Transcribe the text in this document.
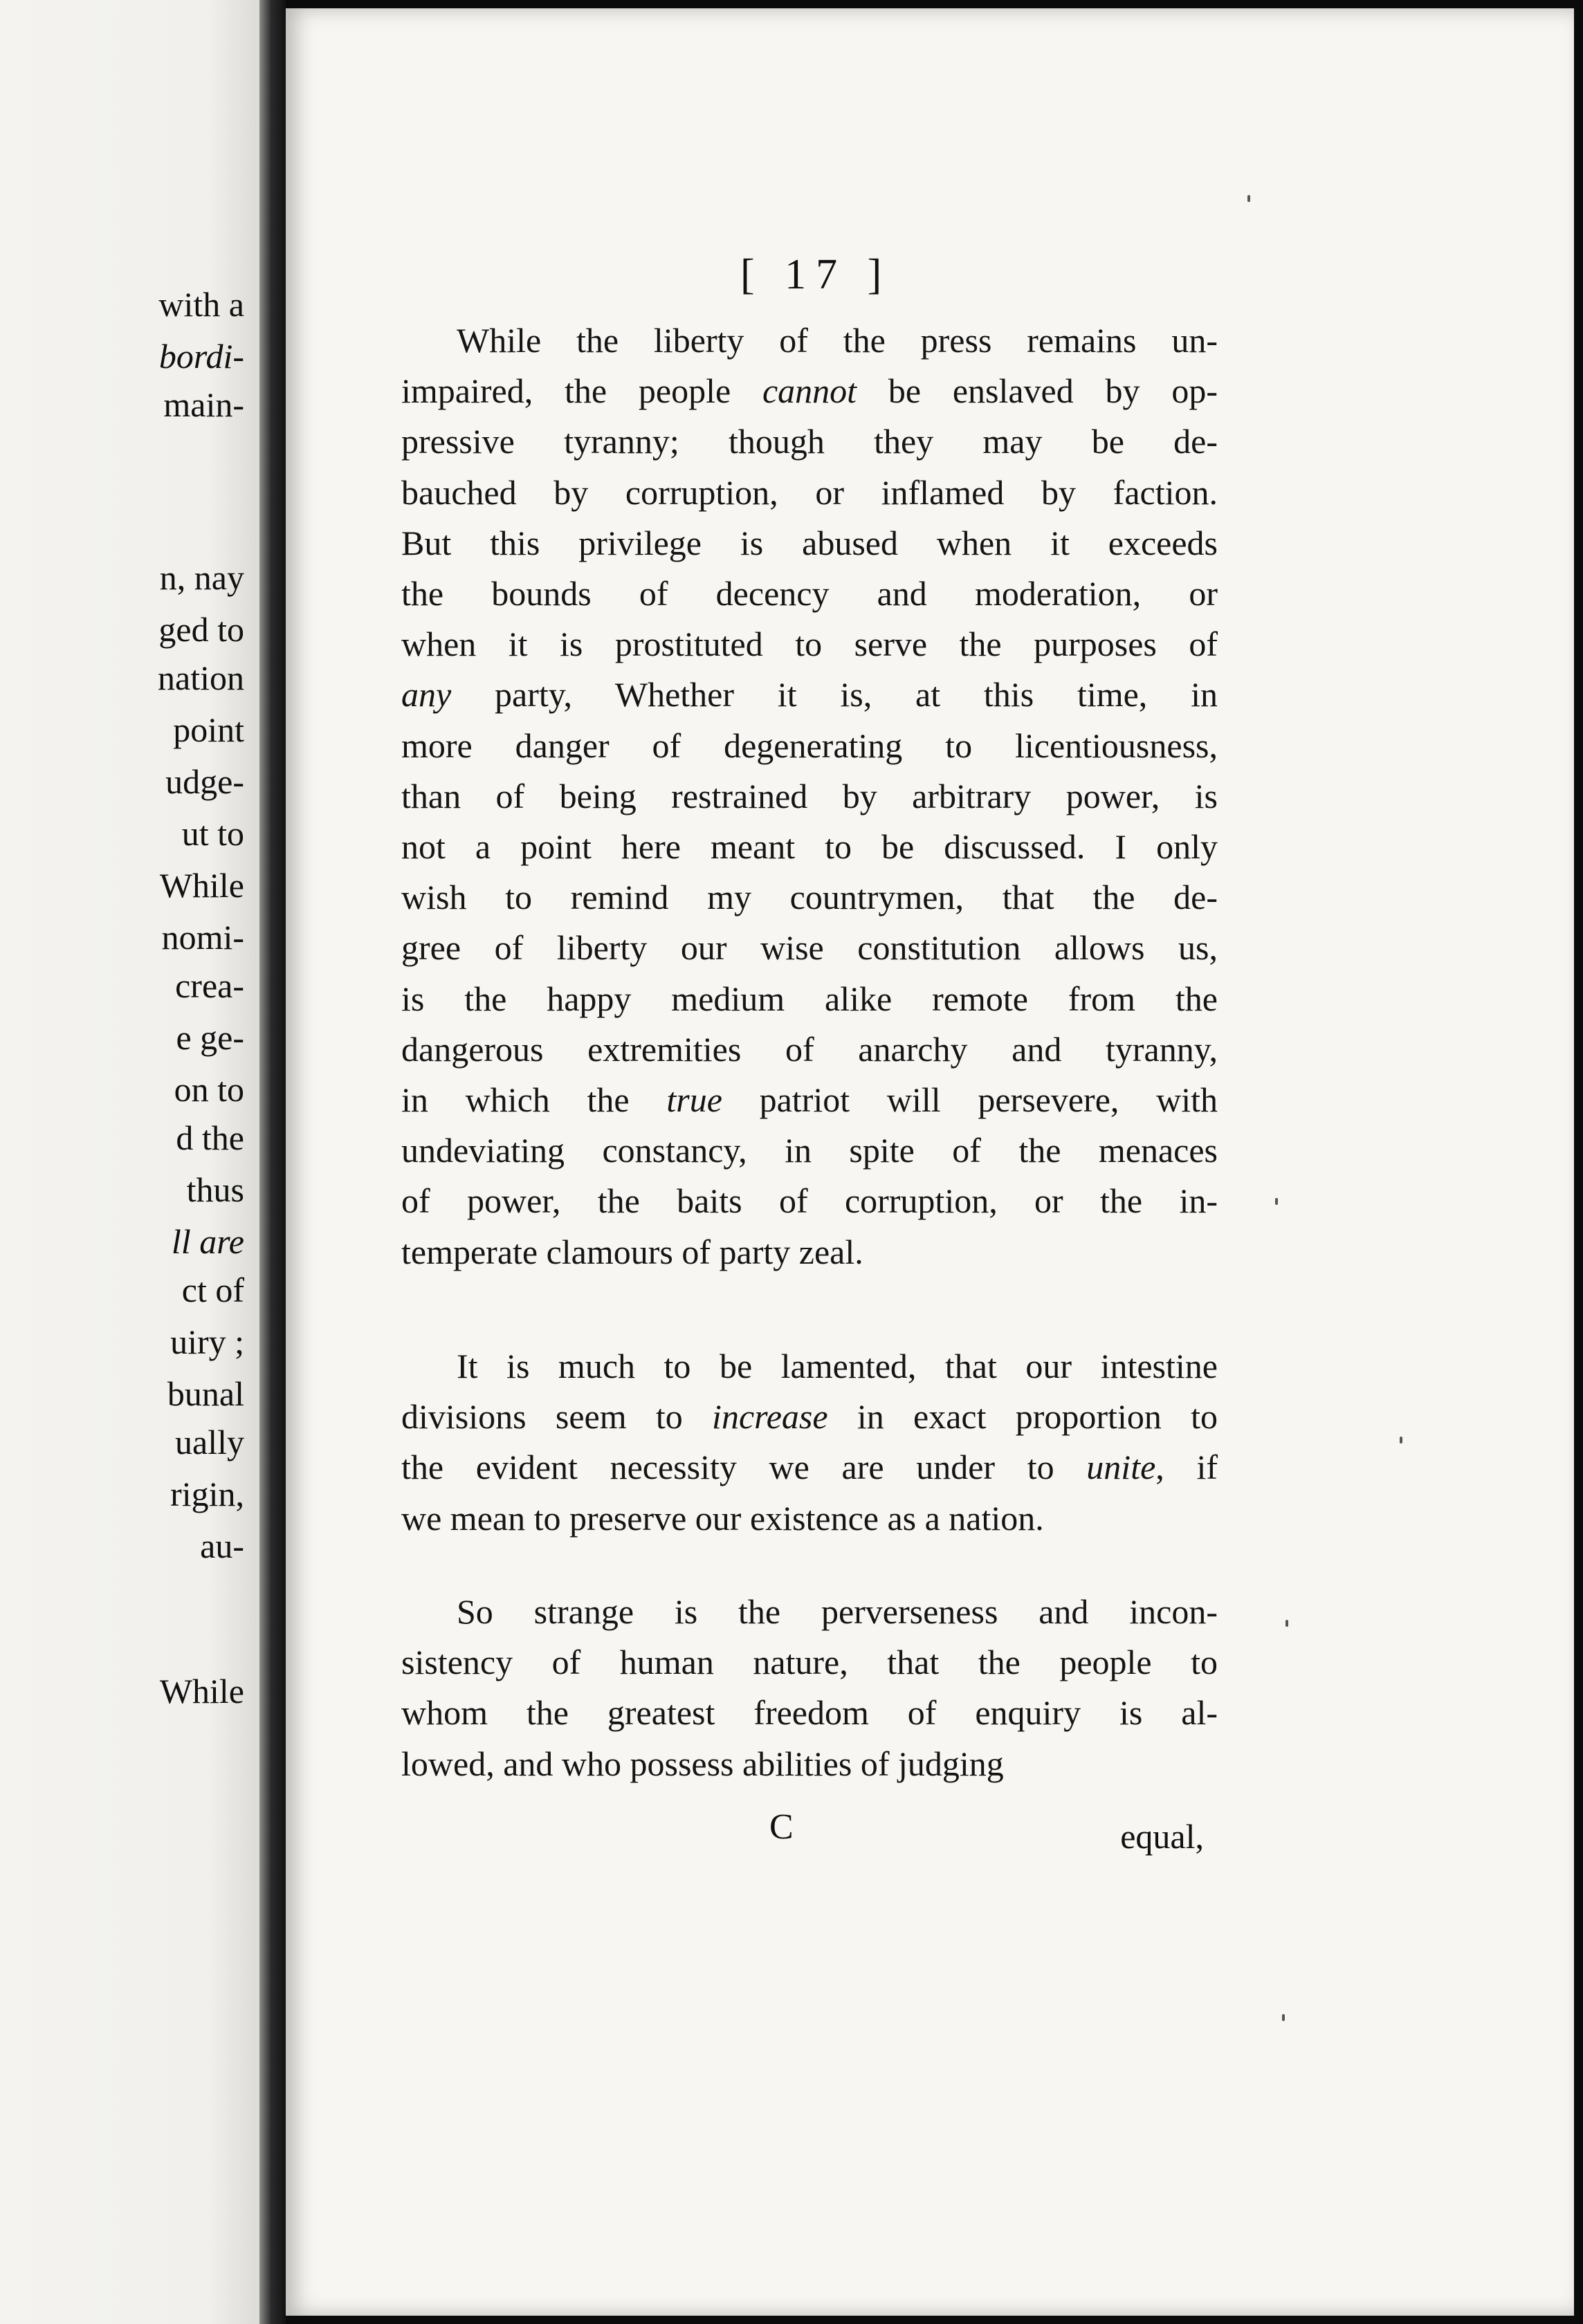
with a
bordi-
main-
n, nay
ged to
nation
point
udge-
ut to
While
nomi-
crea-
e ge-
on to
d the
thus
ll are
ct of
uiry ;
bunal
ually
rigin,
au-
While
[ 17 ]
While the liberty of the press remains un-
impaired, the people cannot be enslaved by op-
pressive tyranny; though they may be de-
bauched by corruption, or inflamed by faction.
But this privilege is abused when it exceeds
the bounds of decency and moderation, or
when it is prostituted to serve the purposes of
any party, Whether it is, at this time, in
more danger of degenerating to licentiousness,
than of being restrained by arbitrary power, is
not a point here meant to be discussed. I only
wish to remind my countrymen, that the de-
gree of liberty our wise constitution allows us,
is the happy medium alike remote from the
dangerous extremities of anarchy and tyranny,
in which the true patriot will persevere, with
undeviating constancy, in spite of the menaces
of power, the baits of corruption, or the in-
temperate clamours of party zeal.
It is much to be lamented, that our intestine
divisions seem to increase in exact proportion to
the evident necessity we are under to unite, if
we mean to preserve our existence as a nation.
So strange is the perverseness and incon-
sistency of human nature, that the people to
whom the greatest freedom of enquiry is al-
lowed, and who possess abilities of judging
C	equal,
